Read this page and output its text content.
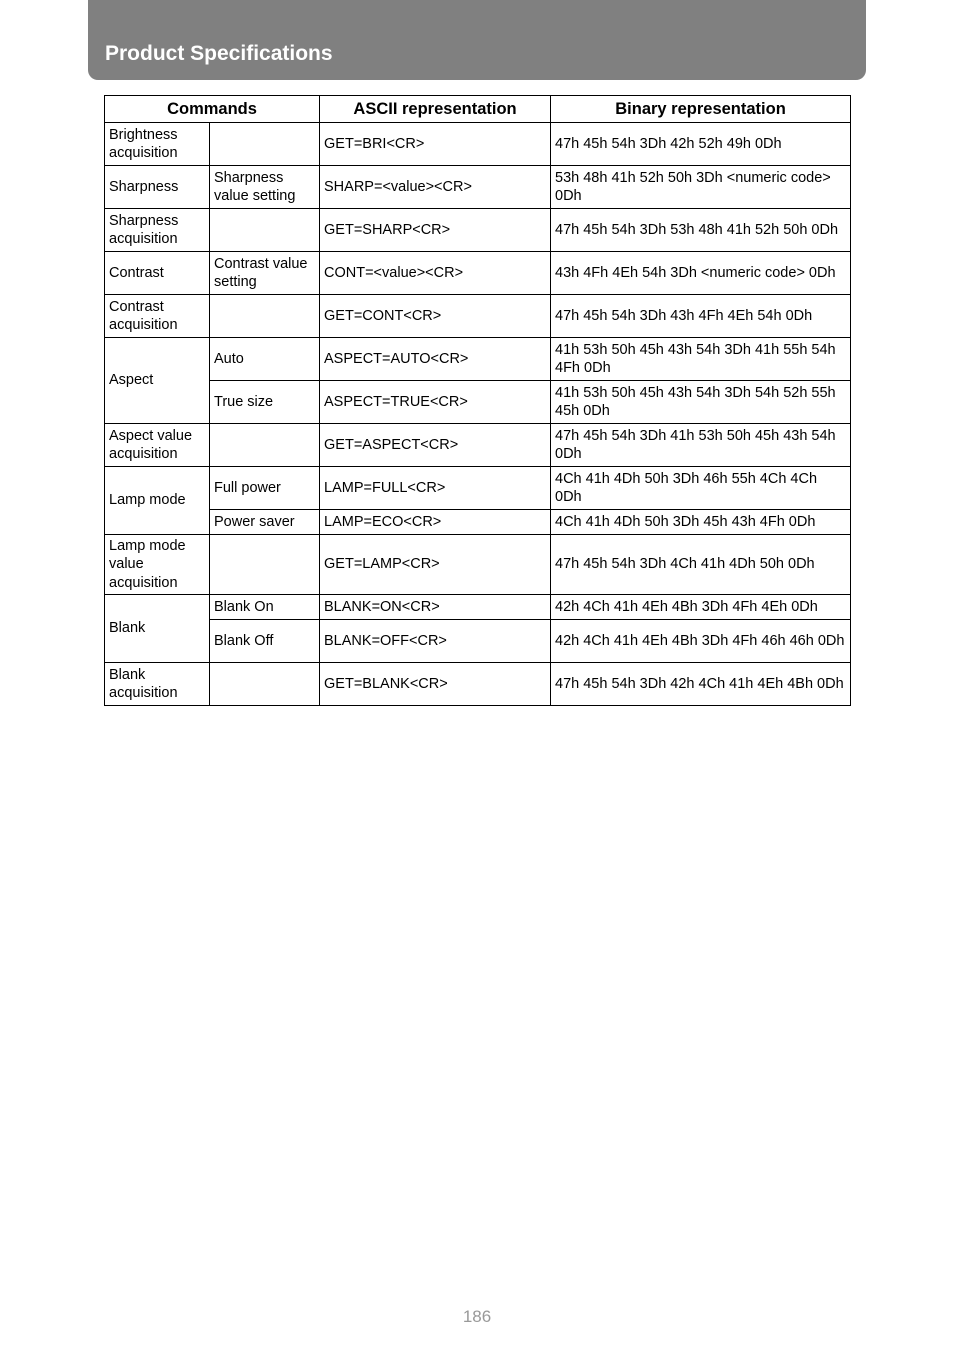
Product Specifications
Commands		ASCII representation	Binary representation
Brightness acquisition		GET=BRI<CR>	47h 45h 54h 3Dh 42h 52h 49h 0Dh
Sharpness	Sharpness value setting	SHARP=<value><CR>	53h 48h 41h 52h 50h 3Dh <numeric code> 0Dh
Sharpness acquisition		GET=SHARP<CR>	47h 45h 54h 3Dh 53h 48h 41h 52h 50h 0Dh
Contrast	Contrast value setting	CONT=<value><CR>	43h 4Fh 4Eh 54h 3Dh <numeric code> 0Dh
Contrast acquisition		GET=CONT<CR>	47h 45h 54h 3Dh 43h 4Fh 4Eh 54h 0Dh
Aspect	Auto	ASPECT=AUTO<CR>	41h 53h 50h 45h 43h 54h 3Dh 41h 55h 54h 4Fh 0Dh
	True size	ASPECT=TRUE<CR>	41h 53h 50h 45h 43h 54h 3Dh 54h 52h 55h 45h 0Dh
Aspect value acquisition		GET=ASPECT<CR>	47h 45h 54h 3Dh 41h 53h 50h 45h 43h 54h 0Dh
Lamp mode	Full power	LAMP=FULL<CR>	4Ch 41h 4Dh 50h 3Dh 46h 55h 4Ch 4Ch 0Dh
	Power saver	LAMP=ECO<CR>	4Ch 41h 4Dh 50h 3Dh 45h 43h 4Fh 0Dh
Lamp mode value acquisition		GET=LAMP<CR>	47h 45h 54h 3Dh 4Ch 41h 4Dh 50h 0Dh
Blank	Blank On	BLANK=ON<CR>	42h 4Ch 41h 4Eh 4Bh 3Dh 4Fh 4Eh 0Dh
	Blank Off	BLANK=OFF<CR>	42h 4Ch 41h 4Eh 4Bh 3Dh 4Fh 46h 46h 0Dh
Blank acquisition		GET=BLANK<CR>	47h 45h 54h 3Dh 42h 4Ch 41h 4Eh 4Bh 0Dh
186
